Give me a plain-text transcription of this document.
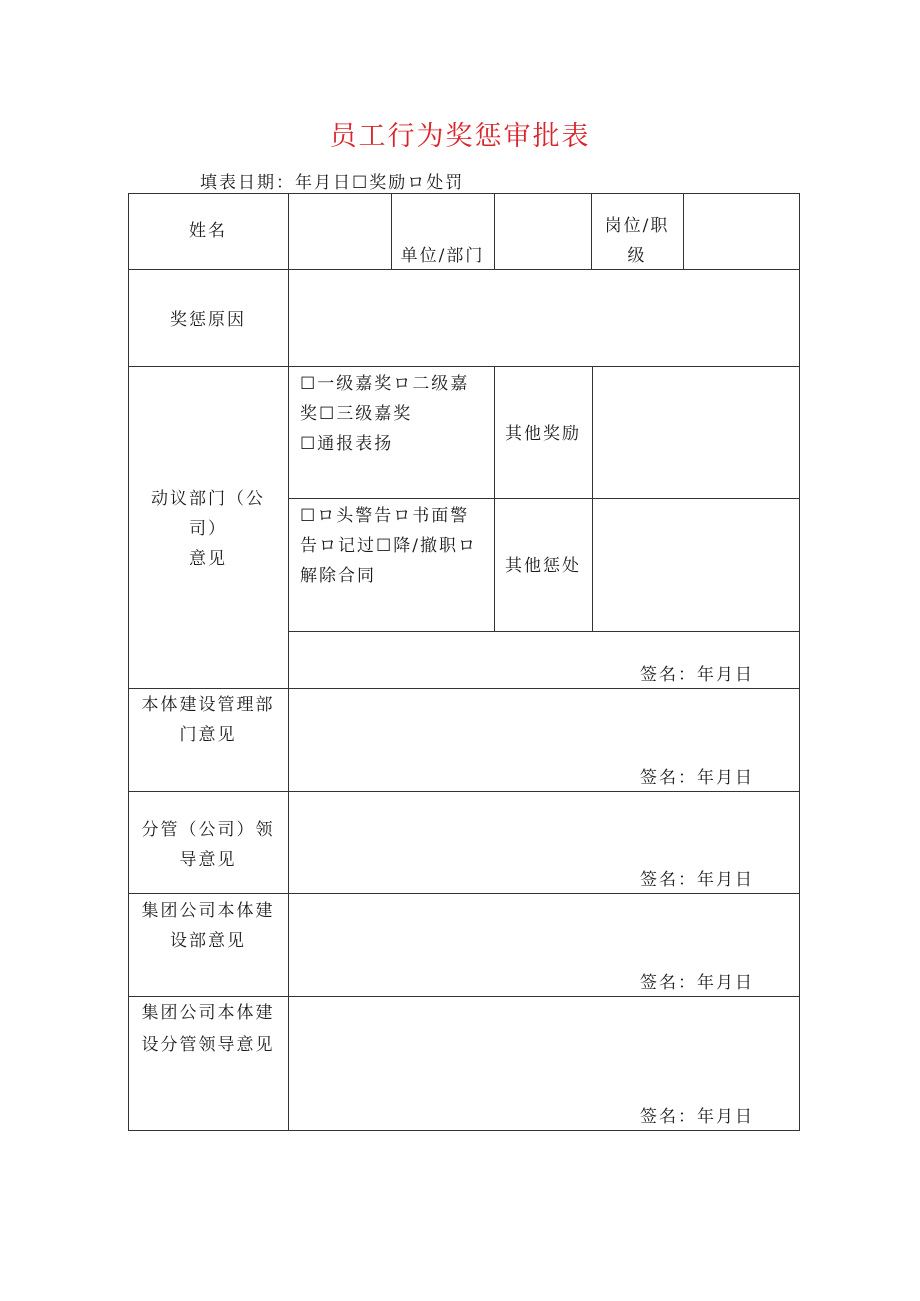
员工行为奖惩审批表
填表日期：年月日☐奖励ロ处罚
姓名
单位/部门
岗位/职
级
奖惩原因
动议部门（公
司）
意见
☐一级嘉奖ロ二级嘉
奖☐三级嘉奖
☐通报表扬	其他奖励
☐ロ头警告ロ书面警
告ロ记过☐降/撤职ロ
解除合同	其他惩处
签名：年月日
本体建设管理部
门意见
签名：年月日
分管（公司）领
导意见
签名：年月日
集团公司本体建
设部意见
签名：年月日
集团公司本体建
设分管领导意见
签名：年月日
